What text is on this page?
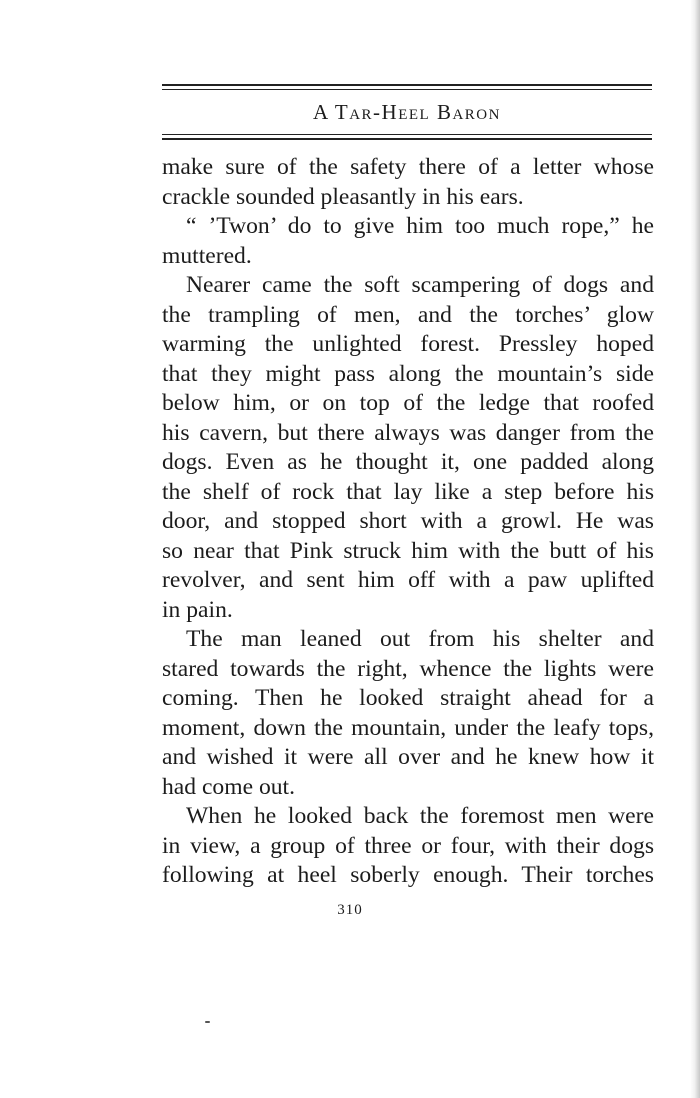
A Tar-Heel Baron
make sure of the safety there of a letter whose
crackle sounded pleasantly in his ears.
“ ’Twon’ do to give him too much rope,” he
muttered.
Nearer came the soft scampering of dogs and
the trampling of men, and the torches’ glow
warming the unlighted forest. Pressley hoped
that they might pass along the mountain’s side
below him, or on top of the ledge that roofed
his cavern, but there always was danger from the
dogs. Even as he thought it, one padded along
the shelf of rock that lay like a step before his
door, and stopped short with a growl. He was
so near that Pink struck him with the butt of his
revolver, and sent him off with a paw uplifted
in pain.
The man leaned out from his shelter and
stared towards the right, whence the lights were
coming. Then he looked straight ahead for a
moment, down the mountain, under the leafy tops,
and wished it were all over and he knew how it
had come out.
When he looked back the foremost men were
in view, a group of three or four, with their dogs
following at heel soberly enough. Their torches
310
